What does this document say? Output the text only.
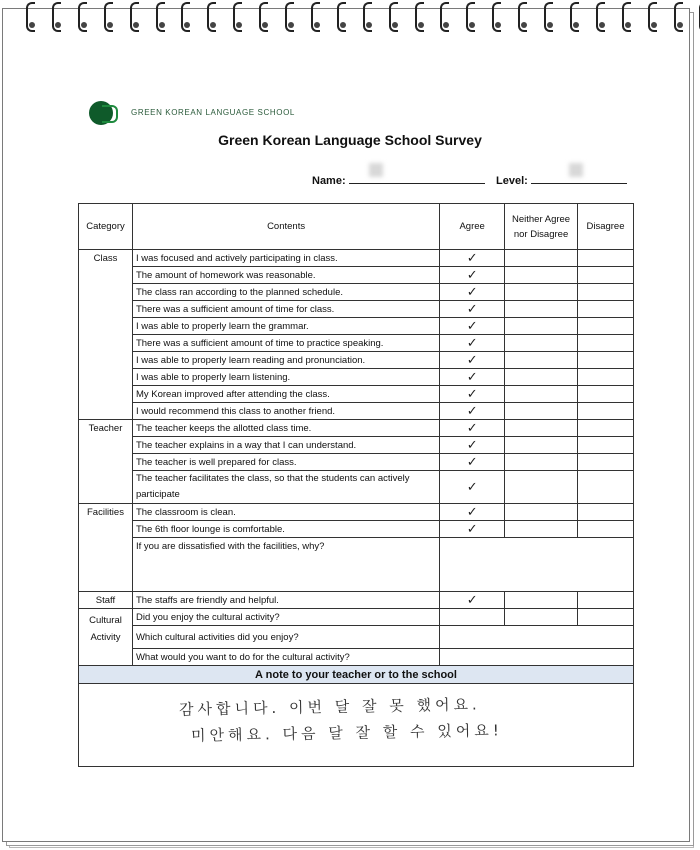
GREEN KOREAN LANGUAGE SCHOOL
Green Korean Language School Survey
Name:	Level:
Category	Contents	Agree	Neither Agree nor Disagree	Disagree
Class	I was focused and actively participating in class.	✓		
	The amount of homework was reasonable.	✓		
	The class ran according to the planned schedule.	✓		
	There was a sufficient amount of time for class.	✓		
	I was able to properly learn the grammar.	✓		
	There was a sufficient amount of time to practice speaking.	✓		
	I was able to properly learn reading and pronunciation.	✓		
	I was able to properly learn listening.	✓		
	My Korean improved after attending the class.	✓		
	I would recommend this class to another friend.	✓		
Teacher	The teacher keeps the allotted class time.	✓		
	The teacher explains in a way that I can understand.	✓		
	The teacher is well prepared for class.	✓		
	The teacher facilitates the class, so that the students can actively participate	✓		
Facilities	The classroom is clean.	✓		
	The 6th floor lounge is comfortable.	✓		
	If you are dissatisfied with the facilities, why?			
Staff	The staffs are friendly and helpful.	✓		
Cultural Activity	Did you enjoy the cultural activity?			
	Which cultural activities did you enjoy?			
	What would you want to do for the cultural activity?			
A note to your teacher or to the school				

감사합니다. 이번 달 잘 못 했어요.
미안해요. 다음 달 잘 할 수 있어요!				
